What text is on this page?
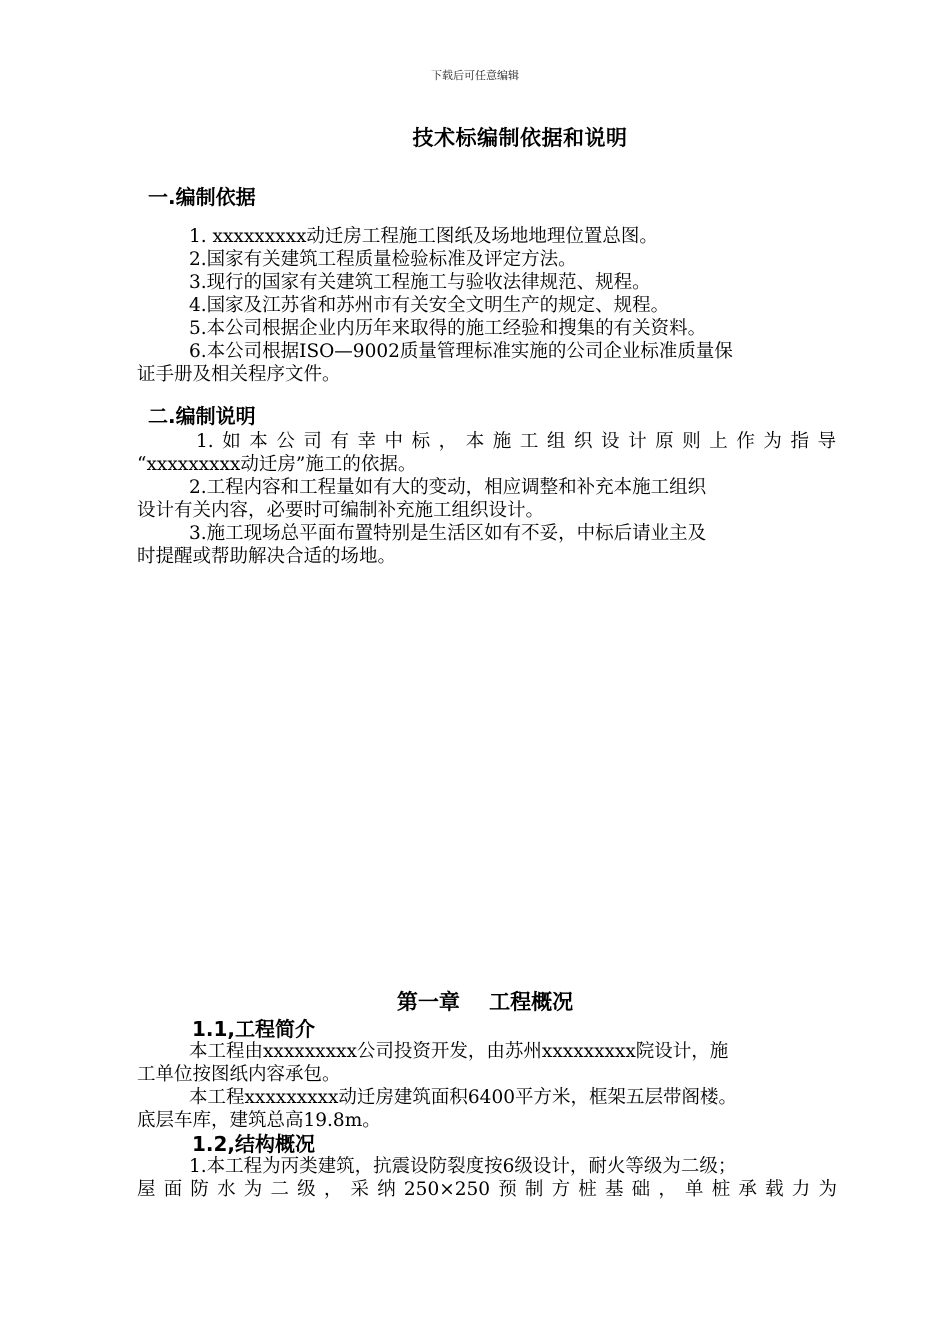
下载后可任意编辑
技术标编制依据和说明
一.编制依据
1. xxxxxxxxx动迁房工程施工图纸及场地地理位置总图。
2.国家有关建筑工程质量检验标准及评定方法。
3.现行的国家有关建筑工程施工与验收法律规范、规程。
4.国家及江苏省和苏州市有关安全文明生产的规定、规程。
5.本公司根据企业内历年来取得的施工经验和搜集的有关资料。
6.本公司根据ISO—9002质量管理标准实施的公司企业标准质量保
证手册及相关程序文件。
二.编制说明
1.如本公司有幸中标，本施工组织设计原则上作为指导
“xxxxxxxxx动迁房”施工的依据。
2.工程内容和工程量如有大的变动，相应调整和补充本施工组织
设计有关内容，必要时可编制补充施工组织设计。
3.施工现场总平面布置特别是生活区如有不妥，中标后请业主及
时提醒或帮助解决合适的场地。
第一章    工程概况
1.1,工程简介
本工程由xxxxxxxxx公司投资开发，由苏州xxxxxxxxx院设计，施
工单位按图纸内容承包。
本工程xxxxxxxxx动迁房建筑面积6400平方米，框架五层带阁楼。
底层车库，建筑总高19.8m。
1.2,结构概况
1.本工程为丙类建筑，抗震设防裂度按6级设计，耐火等级为二级；
屋面防水为二级，采纳250×250预制方桩基础，单桩承载力为
